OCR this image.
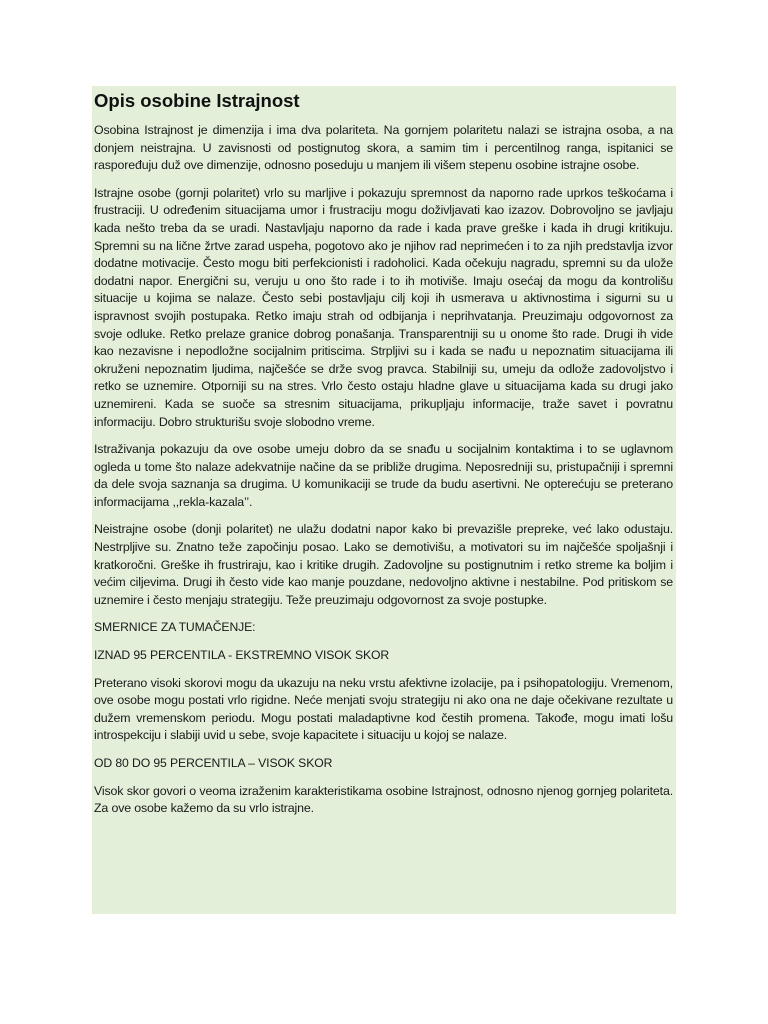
Opis osobine Istrajnost

Osobina Istrajnost je dimenzija i ima dva polariteta. Na gornjem polaritetu nalazi se istrajna osoba, a na donjem neistrajna. U zavisnosti od postignutog skora, a samim tim i percentilnog ranga, ispitanici se raspoređuju duž ove dimenzije, odnosno poseduju u manjem ili višem stepenu osobine istrajne osobe.

Istrajne osobe (gornji polaritet) vrlo su marljive i pokazuju spremnost da naporno rade uprkos teškoćama i frustraciji. U određenim situacijama umor i frustraciju mogu doživljavati kao izazov. Dobrovoljno se javljaju kada nešto treba da se uradi. Nastavljaju naporno da rade i kada prave greške i kada ih drugi kritikuju. Spremni su na lične žrtve zarad uspeha, pogotovo ako je njihov rad neprimećen i to za njih predstavlja izvor dodatne motivacije. Često mogu biti perfekcionisti i radoholici. Kada očekuju nagradu, spremni su da ulože dodatni napor. Energični su, veruju u ono što rade i to ih motiviše. Imaju osećaj da mogu da kontrolišu situacije u kojima se nalaze. Često sebi postavljaju cilj koji ih usmerava u aktivnostima i sigurni su u ispravnost svojih postupaka. Retko imaju strah od odbijanja i neprihvatanja. Preuzimaju odgovornost za svoje odluke. Retko prelaze granice dobrog ponašanja. Transparentniji su u onome što rade. Drugi ih vide kao nezavisne i nepodložne socijalnim pritiscima. Strpljivi su i kada se nađu u nepoznatim situacijama ili okruženi nepoznatim ljudima, najčešće se drže svog pravca. Stabilniji su, umeju da odlože zadovoljstvo i retko se uznemire. Otporniji su na stres. Vrlo često ostaju hladne glave u situacijama kada su drugi jako uznemireni. Kada se suoče sa stresnim situacijama, prikupljaju informacije, traže savet i povratnu informaciju. Dobro strukturišu svoje slobodno vreme.

Istraživanja pokazuju da ove osobe umeju dobro da se snađu u socijalnim kontaktima i to se uglavnom ogleda u tome što nalaze adekvatnije načine da se približe drugima. Neposredniji su, pristupačniji i spremni da dele svoja saznanja sa drugima. U komunikaciji se trude da budu asertivni. Ne opterećuju se preterano informacijama ,,rekla-kazala’’.

Neistrajne osobe (donji polaritet) ne ulažu dodatni napor kako bi prevazišle prepreke, već lako odustaju. Nestrpljive su. Znatno teže započinju posao. Lako se demotivišu, a motivatori su im najčešće spoljašnji i kratkoročni. Greške ih frustriraju, kao i kritike drugih. Zadovoljne su postignutnim i retko streme ka boljim i većim ciljevima. Drugi ih često vide kao manje pouzdane, nedovoljno aktivne i nestabilne. Pod pritiskom se uznemire i često menjaju strategiju. Teže preuzimaju odgovornost za svoje postupke.

SMERNICE ZA TUMAČENJE:
IZNAD 95 PERCENTILA - EKSTREMNO VISOK SKOR

Preterano visoki skorovi mogu da ukazuju na neku vrstu afektivne izolacije, pa i psihopatologiju. Vremenom, ove osobe mogu postati vrlo rigidne. Neće menjati svoju strategiju ni ako ona ne daje očekivane rezultate u dužem vremenskom periodu. Mogu postati maladaptivne kod čestih promena. Takođe, mogu imati lošu introspekciju i slabiji uvid u sebe, svoje kapacitete i situaciju u kojoj se nalaze.

OD 80 DO 95 PERCENTILA – VISOK SKOR

Visok skor govori o veoma izraženim karakteristikama osobine Istrajnost, odnosno njenog gornjeg polariteta. Za ove osobe kažemo da su vrlo istrajne.
